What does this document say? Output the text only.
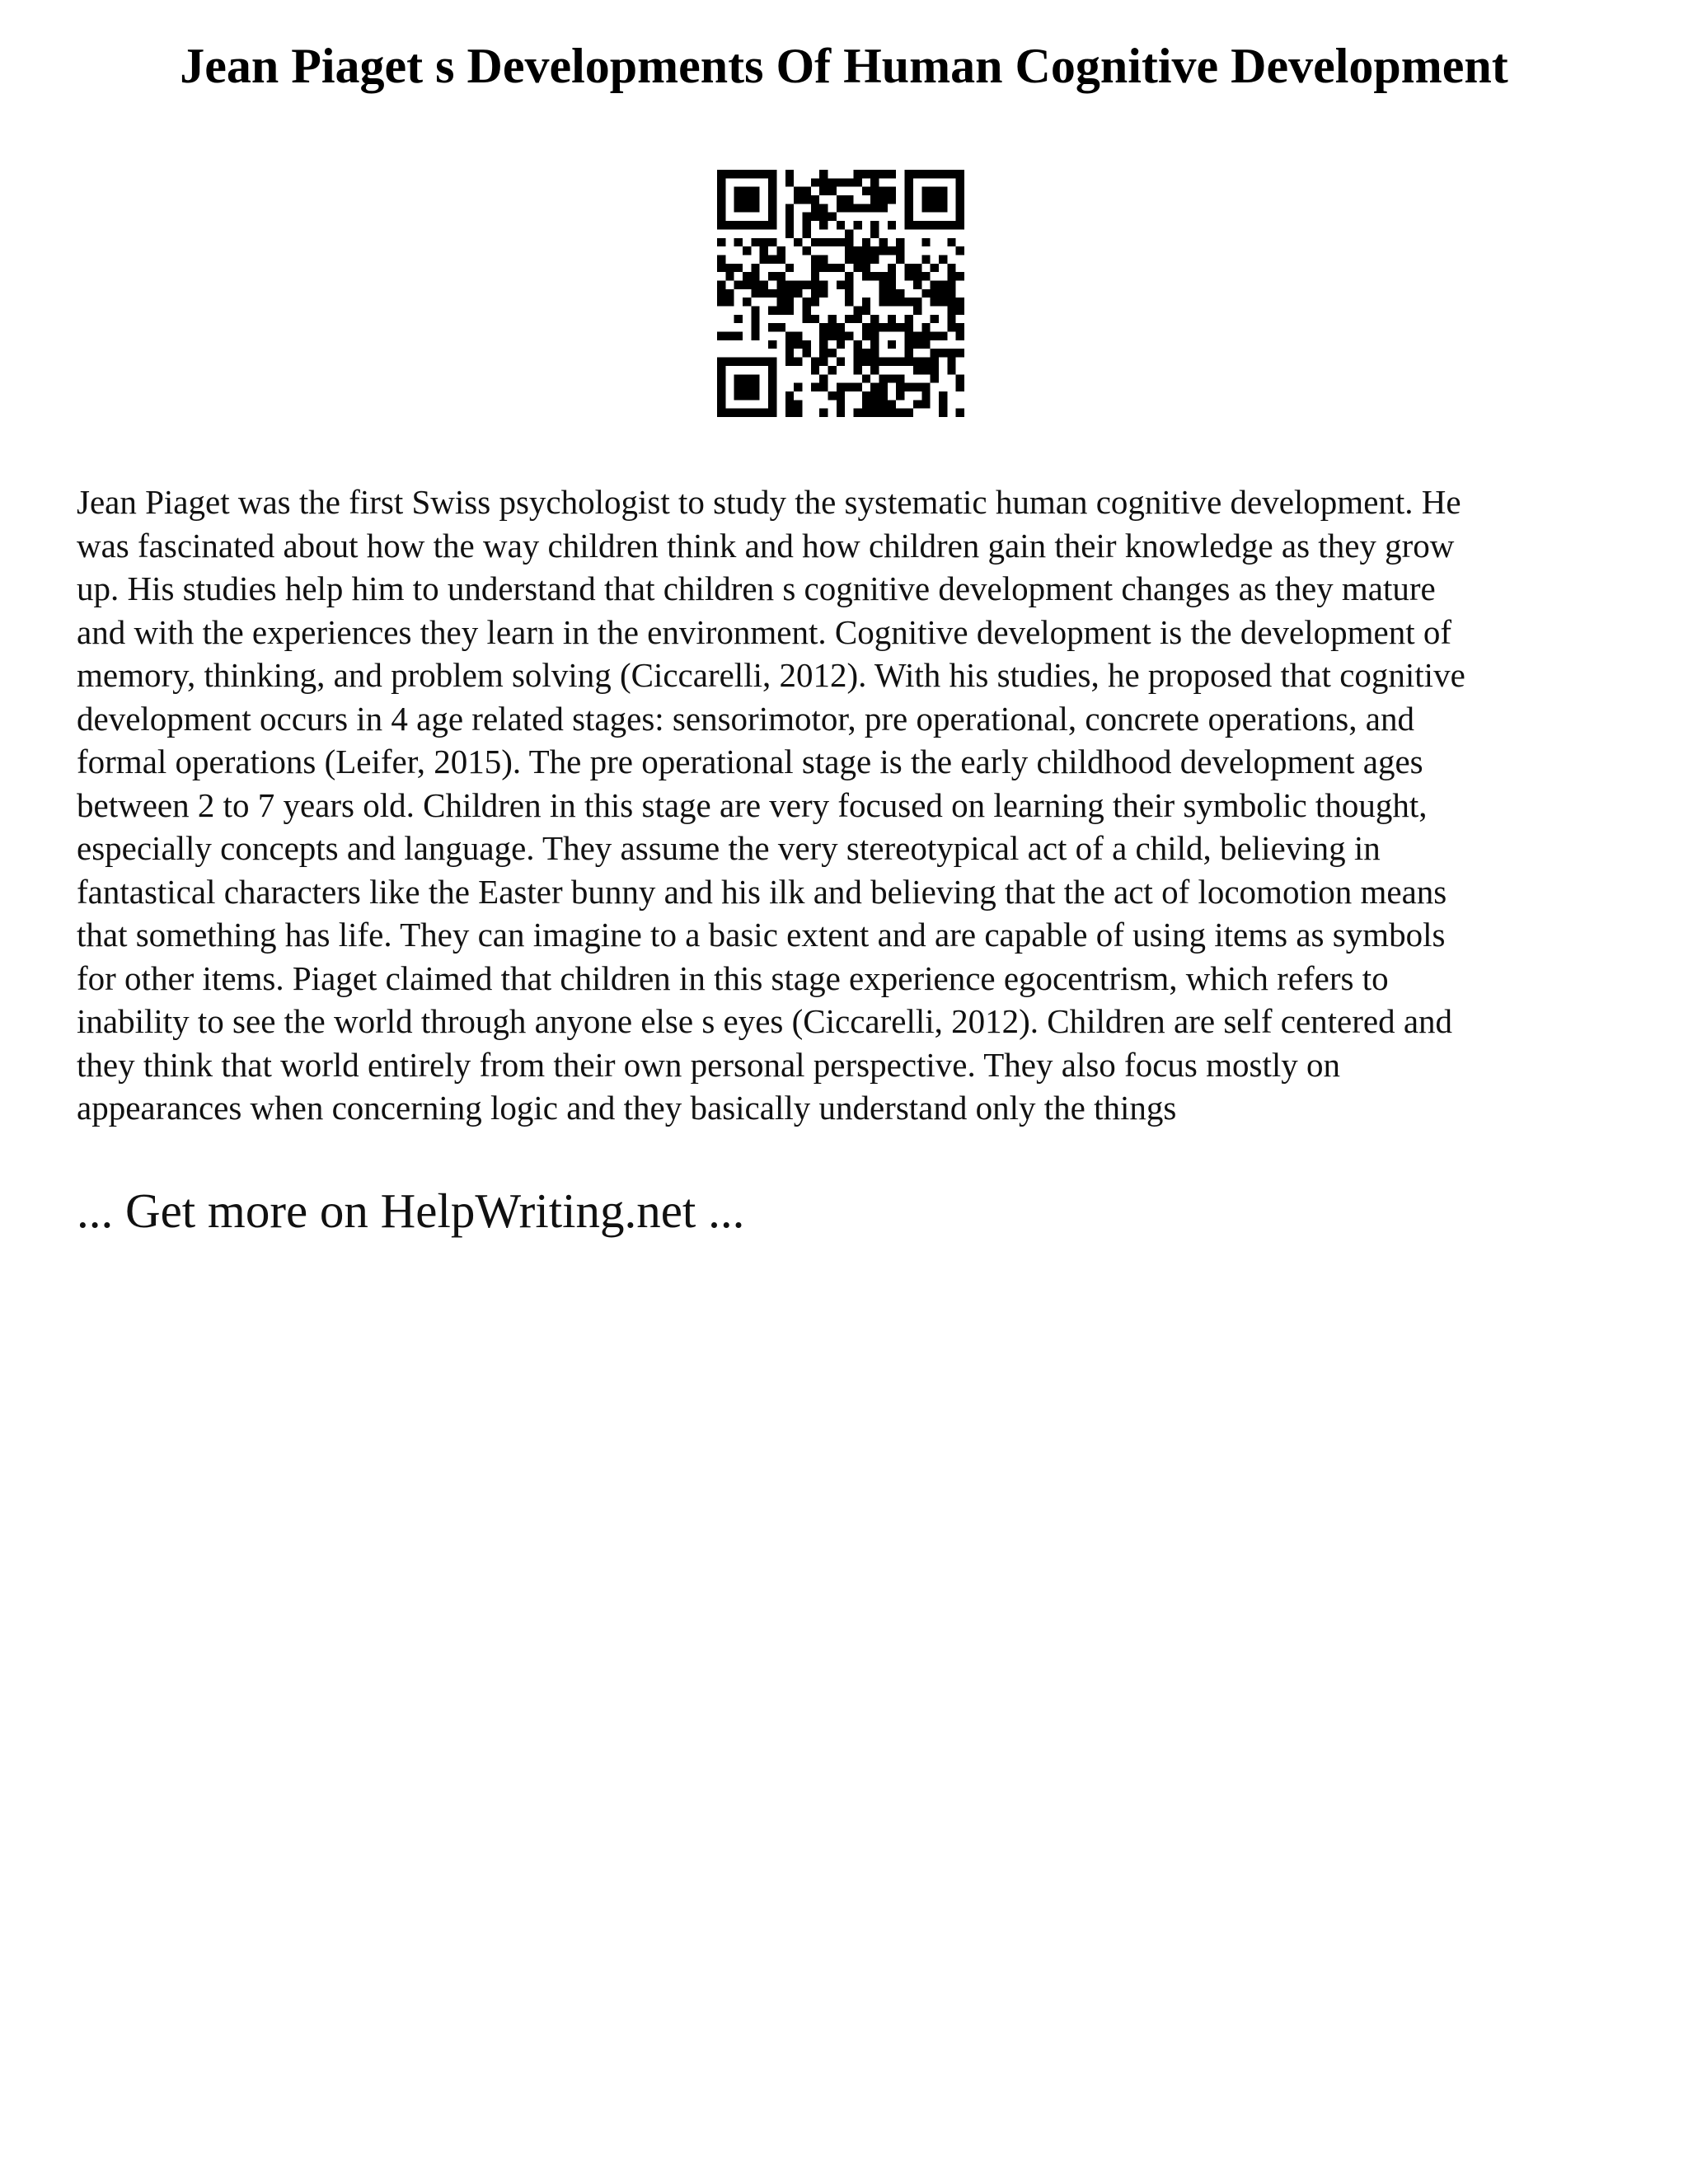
Jean Piaget s Developments Of Human Cognitive Development
Jean Piaget was the first Swiss psychologist to study the systematic human cognitive development. He
was fascinated about how the way children think and how children gain their knowledge as they grow
up. His studies help him to understand that children s cognitive development changes as they mature
and with the experiences they learn in the environment. Cognitive development is the development of
memory, thinking, and problem solving (Ciccarelli, 2012). With his studies, he proposed that cognitive
development occurs in 4 age related stages: sensorimotor, pre operational, concrete operations, and
formal operations (Leifer, 2015). The pre operational stage is the early childhood development ages
between 2 to 7 years old. Children in this stage are very focused on learning their symbolic thought,
especially concepts and language. They assume the very stereotypical act of a child, believing in
fantastical characters like the Easter bunny and his ilk and believing that the act of locomotion means
that something has life. They can imagine to a basic extent and are capable of using items as symbols
for other items. Piaget claimed that children in this stage experience egocentrism, which refers to
inability to see the world through anyone else s eyes (Ciccarelli, 2012). Children are self centered and
they think that world entirely from their own personal perspective. They also focus mostly on
appearances when concerning logic and they basically understand only the things
... Get more on HelpWriting.net ...
